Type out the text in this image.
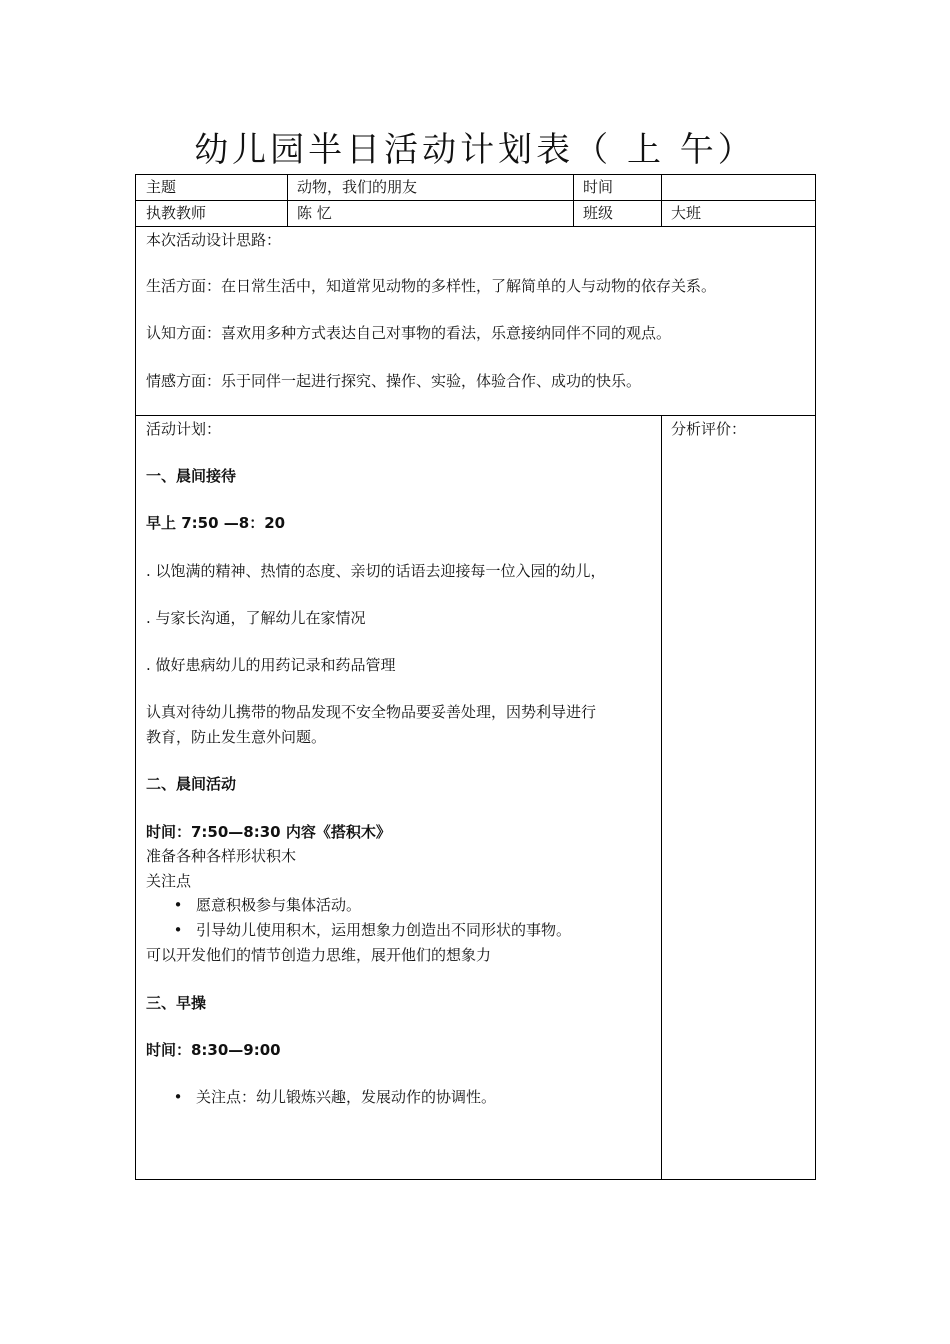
幼儿园半日活动计划表（ 上 午）
主题	动物，我们的朋友	时间
执教教师	陈 忆	班级	大班
本次活动设计思路：
生活方面：在日常生活中，知道常见动物的多样性，了解简单的人与动物的依存关系。
认知方面：喜欢用多种方式表达自己对事物的看法，乐意接纳同伴不同的观点。
情感方面：乐于同伴一起进行探究、操作、实验，体验合作、成功的快乐。
活动计划：
一、晨间接待
早上 7:50 —8：20
. 以饱满的精神、热情的态度、亲切的话语去迎接每一位入园的幼儿，
. 与家长沟通，了解幼儿在家情况
. 做好患病幼儿的用药记录和药品管理
认真对待幼儿携带的物品发现不安全物品要妥善处理，因势利导进行
教育，防止发生意外问题。
二、晨间活动
时间：7:50—8:30 内容《搭积木》
准备各种各样形状积木
关注点
• 愿意积极参与集体活动。
• 引导幼儿使用积木，运用想象力创造出不同形状的事物。
可以开发他们的情节创造力思维，展开他们的想象力
三、早操
时间：8:30—9:00
• 关注点：幼儿锻炼兴趣，发展动作的协调性。
分析评价：
